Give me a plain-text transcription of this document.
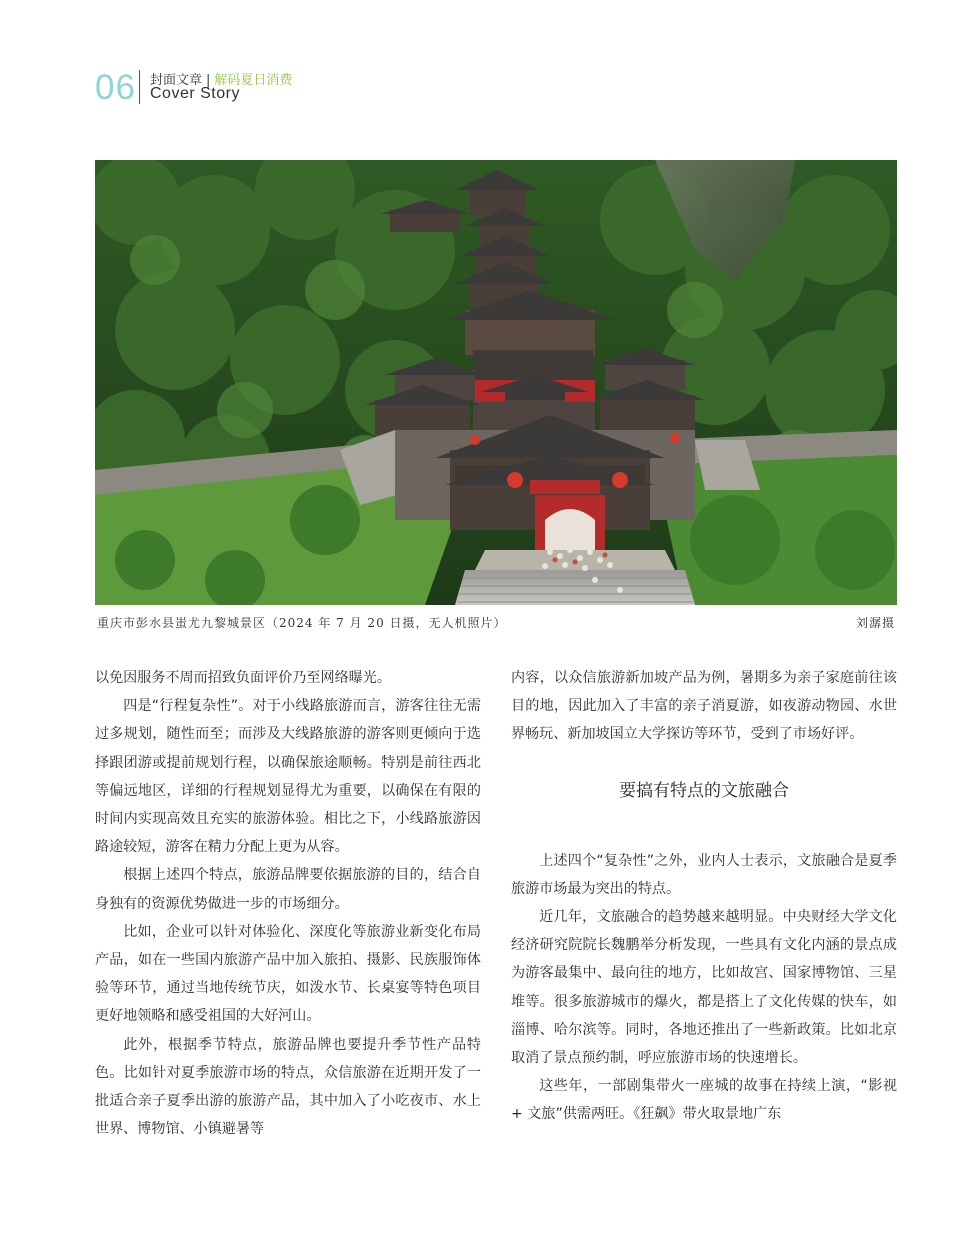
06 封面文章 | 解码夏日消费
Cover Story
重庆市彭水县蚩尤九黎城景区（2024 年 7 月 20 日摄，无人机照片）	刘潺摄

以免因服务不周而招致负面评价乃至网络曝光。

四是“行程复杂性”。对于小线路旅游而言，游客往往无需过多规划，随性而至；而涉及大线路旅游的游客则更倾向于选择跟团游或提前规划行程，以确保旅途顺畅。特别是前往西北等偏远地区，详细的行程规划显得尤为重要，以确保在有限的时间内实现高效且充实的旅游体验。相比之下，小线路旅游因路途较短，游客在精力分配上更为从容。

根据上述四个特点，旅游品牌要依据旅游的目的，结合自身独有的资源优势做进一步的市场细分。

比如，企业可以针对体验化、深度化等旅游业新变化布局产品，如在一些国内旅游产品中加入旅拍、摄影、民族服饰体验等环节，通过当地传统节庆，如泼水节、长桌宴等特色项目更好地领略和感受祖国的大好河山。

此外，根据季节特点，旅游品牌也要提升季节性产品特色。比如针对夏季旅游市场的特点，众信旅游在近期开发了一批适合亲子夏季出游的旅游产品，其中加入了小吃夜市、水上世界、博物馆、小镇避暑等

内容，以众信旅游新加坡产品为例，暑期多为亲子家庭前往该目的地，因此加入了丰富的亲子消夏游，如夜游动物园、水世界畅玩、新加坡国立大学探访等环节，受到了市场好评。

要搞有特点的文旅融合

上述四个“复杂性”之外，业内人士表示，文旅融合是夏季旅游市场最为突出的特点。

近几年，文旅融合的趋势越来越明显。中央财经大学文化经济研究院院长魏鹏举分析发现，一些具有文化内涵的景点成为游客最集中、最向往的地方，比如故宫、国家博物馆、三星堆等。很多旅游城市的爆火，都是搭上了文化传媒的快车，如淄博、哈尔滨等。同时，各地还推出了一些新政策。比如北京取消了景点预约制，呼应旅游市场的快速增长。

这些年，一部剧集带火一座城的故事在持续上演，“影视 + 文旅”供需两旺。《狂飙》带火取景地广东
